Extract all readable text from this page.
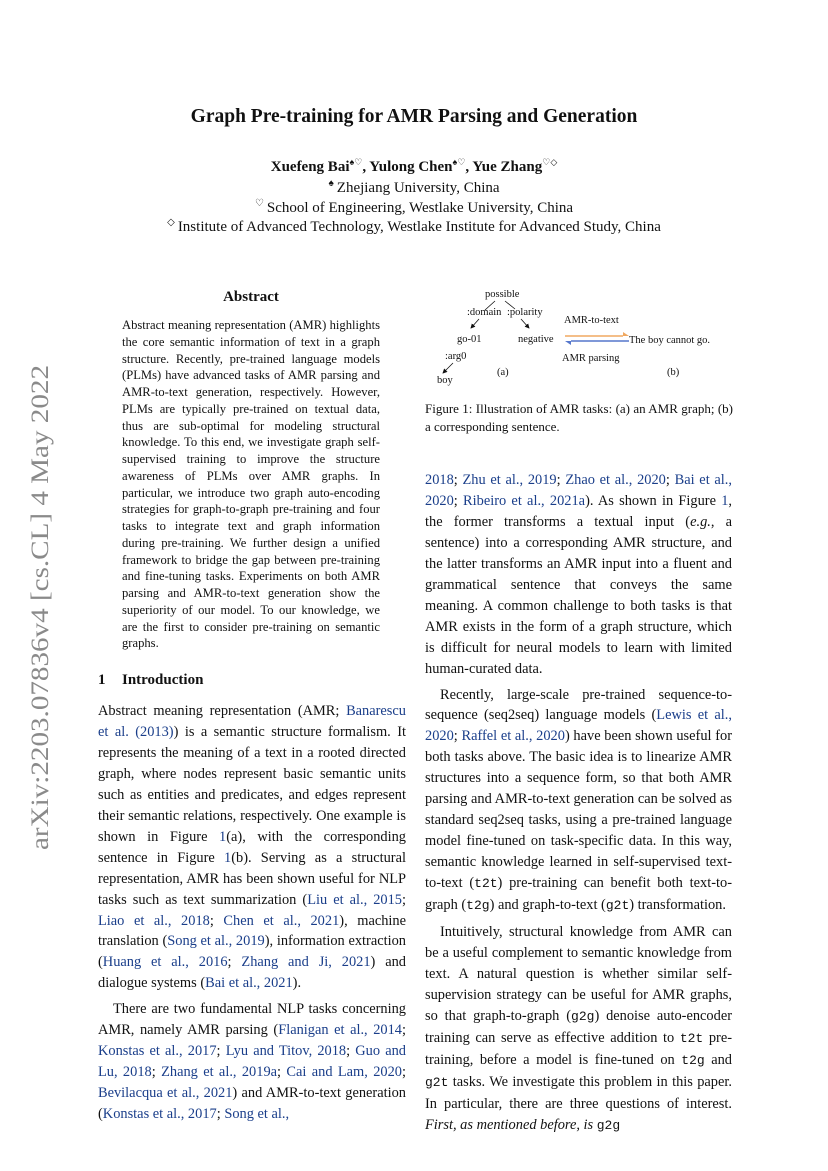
arXiv:2203.07836v4 [cs.CL] 4 May 2022
Graph Pre-training for AMR Parsing and Generation
Xuefeng Bai♠♡, Yulong Chen♠♡, Yue Zhang♡◇
♠ Zhejiang University, China
♡ School of Engineering, Westlake University, China
◇ Institute of Advanced Technology, Westlake Institute for Advanced Study, China
Abstract
Abstract meaning representation (AMR) highlights the core semantic information of text in a graph structure. Recently, pre-trained language models (PLMs) have advanced tasks of AMR parsing and AMR-to-text generation, respectively. However, PLMs are typically pre-trained on textual data, thus are sub-optimal for modeling structural knowledge. To this end, we investigate graph self-supervised training to improve the structure awareness of PLMs over AMR graphs. In particular, we introduce two graph auto-encoding strategies for graph-to-graph pre-training and four tasks to integrate text and graph information during pre-training. We further design a unified framework to bridge the gap between pre-training and fine-tuning tasks. Experiments on both AMR parsing and AMR-to-text generation show the superiority of our model. To our knowledge, we are the first to consider pre-training on semantic graphs.
1 Introduction

Abstract meaning representation (AMR; Banarescu et al. (2013)) is a semantic structure formalism. It represents the meaning of a text in a rooted directed graph, where nodes represent basic semantic units such as entities and predicates, and edges represent their semantic relations, respectively. One example is shown in Figure 1(a), with the corresponding sentence in Figure 1(b). Serving as a structural representation, AMR has been shown useful for NLP tasks such as text summarization (Liu et al., 2015; Liao et al., 2018; Chen et al., 2021), machine translation (Song et al., 2019), information extraction (Huang et al., 2016; Zhang and Ji, 2021) and dialogue systems (Bai et al., 2021).

There are two fundamental NLP tasks concerning AMR, namely AMR parsing (Flanigan et al., 2014; Konstas et al., 2017; Lyu and Titov, 2018; Guo and Lu, 2018; Zhang et al., 2019a; Cai and Lam, 2020; Bevilacqua et al., 2021) and AMR-to-text generation (Konstas et al., 2017; Song et al.,

possible
:domain :polarity
go-01	negative
:arg0
boy
(a)
AMR-to-text
AMR parsing
The boy cannot go.
(b)
Figure 1: Illustration of AMR tasks: (a) an AMR graph; (b) a corresponding sentence.

2018; Zhu et al., 2019; Zhao et al., 2020; Bai et al., 2020; Ribeiro et al., 2021a). As shown in Figure 1, the former transforms a textual input (e.g., a sentence) into a corresponding AMR structure, and the latter transforms an AMR input into a fluent and grammatical sentence that conveys the same meaning. A common challenge to both tasks is that AMR exists in the form of a graph structure, which is difficult for neural models to learn with limited human-curated data.

Recently, large-scale pre-trained sequence-to-sequence (seq2seq) language models (Lewis et al., 2020; Raffel et al., 2020) have been shown useful for both tasks above. The basic idea is to linearize AMR structures into a sequence form, so that both AMR parsing and AMR-to-text generation can be solved as standard seq2seq tasks, using a pre-trained language model fine-tuned on task-specific data. In this way, semantic knowledge learned in self-supervised text-to-text (t2t) pre-training can benefit both text-to-graph (t2g) and graph-to-text (g2t) transformation.

Intuitively, structural knowledge from AMR can be a useful complement to semantic knowledge from text. A natural question is whether similar self-supervision strategy can be useful for AMR graphs, so that graph-to-graph (g2g) denoise auto-encoder training can serve as effective addition to t2t pre-training, before a model is fine-tuned on t2g and g2t tasks. We investigate this problem in this paper. In particular, there are three questions of interest. First, as mentioned before, is g2g
